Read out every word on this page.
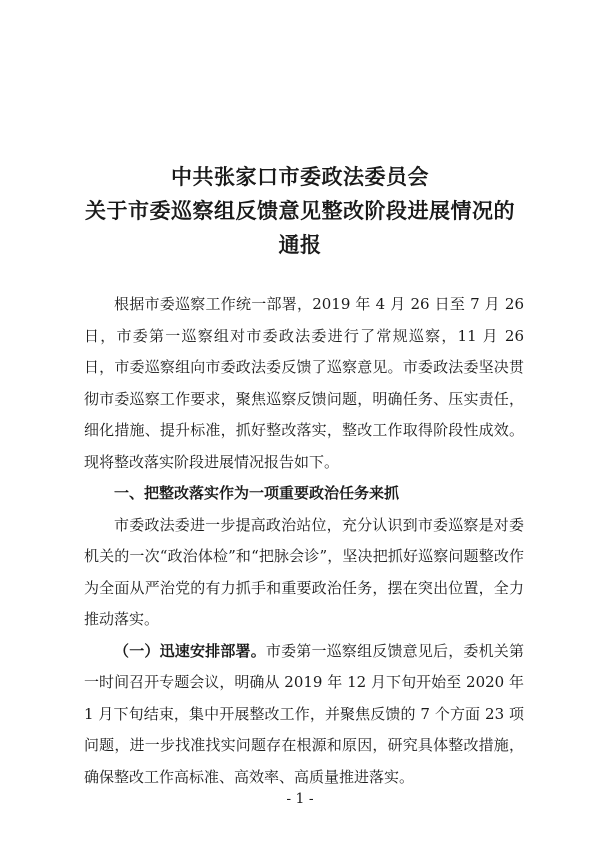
中共张家口市委政法委员会
关于市委巡察组反馈意见整改阶段进展情况的
通报

根据市委巡察工作统一部署，2019 年 4 月 26 日至 7 月 26 日，市委第一巡察组对市委政法委进行了常规巡察，11 月 26 日，市委巡察组向市委政法委反馈了巡察意见。市委政法委坚决贯彻市委巡察工作要求，聚焦巡察反馈问题，明确任务、压实责任，细化措施、提升标准，抓好整改落实，整改工作取得阶段性成效。现将整改落实阶段进展情况报告如下。

一、把整改落实作为一项重要政治任务来抓

市委政法委进一步提高政治站位，充分认识到市委巡察是对委机关的一次“政治体检”和“把脉会诊”，坚决把抓好巡察问题整改作为全面从严治党的有力抓手和重要政治任务，摆在突出位置，全力推动落实。

（一）迅速安排部署。市委第一巡察组反馈意见后，委机关第一时间召开专题会议，明确从 2019 年 12 月下旬开始至 2020 年 1 月下旬结束，集中开展整改工作，并聚焦反馈的 7 个方面 23 项问题，进一步找准找实问题存在根源和原因，研究具体整改措施，确保整改工作高标准、高效率、高质量推进落实。

- 1 -
